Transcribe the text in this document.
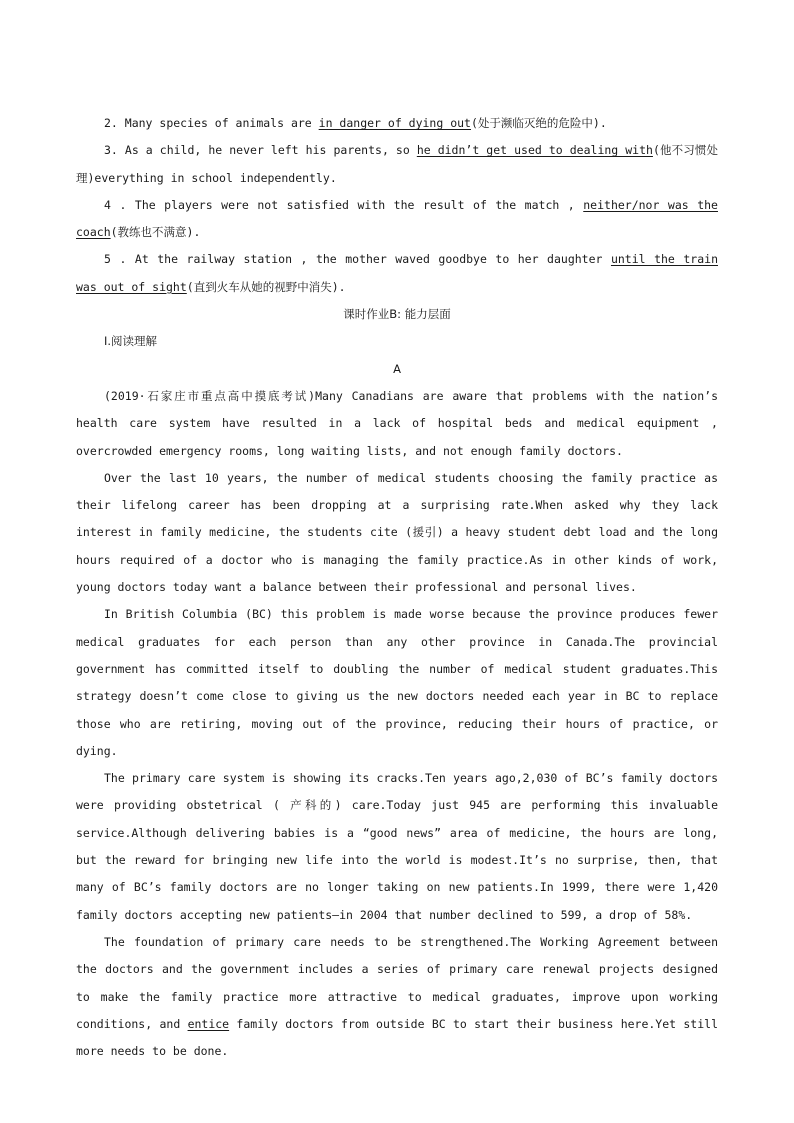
2. Many species of animals are in danger of dying out(处于濒临灭绝的危险中).

3. As a child, he never left his parents, so he didn’t get used to dealing with(他不习惯处理)everything in school independently.

4 . The players were not satisfied with the result of the match , neither/nor was the coach(教练也不满意).

5 . At the railway station , the mother waved goodbye to her daughter until the train was out of sight(直到火车从她的视野中消失).

课时作业B: 能力层面

Ⅰ.阅读理解

A

(2019·石家庄市重点高中摸底考试)Many Canadians are aware that problems with the nation’s health care system have resulted in a lack of hospital beds and medical equipment , overcrowded emergency rooms, long waiting lists, and not enough family doctors.

Over the last 10 years, the number of medical students choosing the family practice as their lifelong career has been dropping at a surprising rate.When asked why they lack interest in family medicine, the students cite (援引) a heavy student debt load and the long hours required of a doctor who is managing the family practice.As in other kinds of work, young doctors today want a balance between their professional and personal lives.

In British Columbia (BC) this problem is made worse because the province produces fewer medical graduates for each person than any other province in Canada.The provincial government has committed itself to doubling the number of medical student graduates.This strategy doesn’t come close to giving us the new doctors needed each year in BC to replace those who are retiring, moving out of the province, reducing their hours of practice, or dying.

The primary care system is showing its cracks.Ten years ago,2,030 of BC’s family doctors were providing obstetrical ( 产科的) care.Today just 945 are performing this invaluable service.Although delivering babies is a “good news” area of medicine, the hours are long, but the reward for bringing new life into the world is modest.It’s no surprise, then, that many of BC’s family doctors are no longer taking on new patients.In 1999, there were 1,420 family doctors accepting new patients—in 2004 that number declined to 599, a drop of 58%.

The foundation of primary care needs to be strengthened.The Working Agreement between the doctors and the government includes a series of primary care renewal projects designed to make the family practice more attractive to medical graduates, improve upon working conditions, and entice family doctors from outside BC to start their business here.Yet still more needs to be done.
